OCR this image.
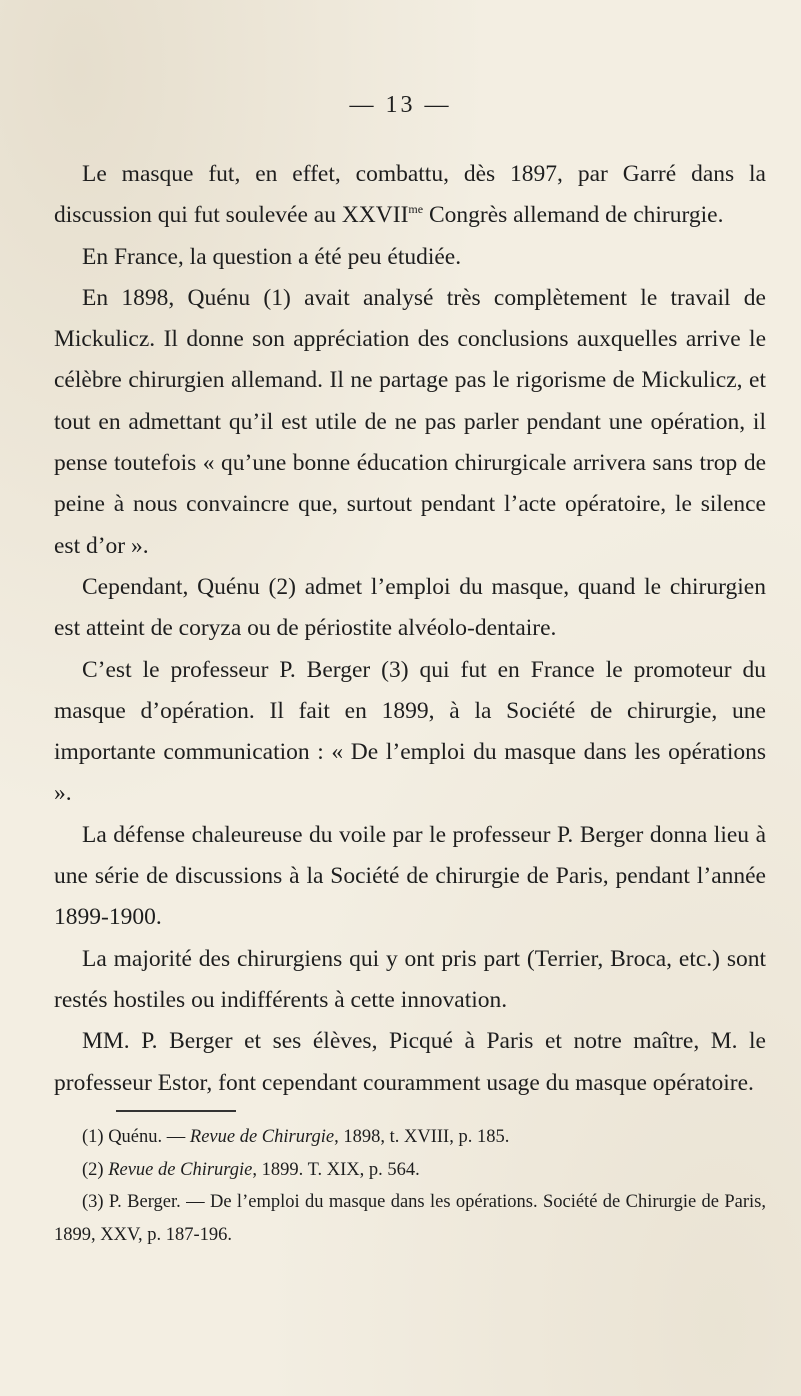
— 13 —

Le masque fut, en effet, combattu, dès 1897, par Garré dans la discussion qui fut soulevée au $XXVII^{me}$ Congrès allemand de chirurgie.

En France, la question a été peu étudiée.

En 1898, Quénu (1) avait analysé très complètement le travail de Mickulicz. Il donne son appréciation des conclusions auxquelles arrive le célèbre chirurgien allemand. Il ne partage pas le rigorisme de Mickulicz, et tout en admettant qu’il est utile de ne pas parler pendant une opération, il pense toutefois « qu’une bonne éducation chirurgicale arrivera sans trop de peine à nous convaincre que, surtout pendant l’acte opératoire, le silence est d’or ».

Cependant, Quénu (2) admet l’emploi du masque, quand le chirurgien est atteint de coryza ou de périostite alvéolo-dentaire.

C’est le professeur P. Berger (3) qui fut en France le promoteur du masque d’opération. Il fait en 1899, à la Société de chirurgie, une importante communication : « De l’emploi du masque dans les opérations ».

La défense chaleureuse du voile par le professeur P. Berger donna lieu à une série de discussions à la Société de chirurgie de Paris, pendant l’année 1899-1900.

La majorité des chirurgiens qui y ont pris part (Terrier, Broca, etc.) sont restés hostiles ou indifférents à cette innovation.

MM. P. Berger et ses élèves, Picqué à Paris et notre maître, M. le professeur Estor, font cependant couramment usage du masque opératoire.

(1) Quénu. — Revue de Chirurgie, 1898, t. XVIII, p. 185.

(2) Revue de Chirurgie, 1899. T. XIX, p. 564.

(3) P. Berger. — De l’emploi du masque dans les opérations. Société de Chirurgie de Paris, 1899, XXV, p. 187-196.
